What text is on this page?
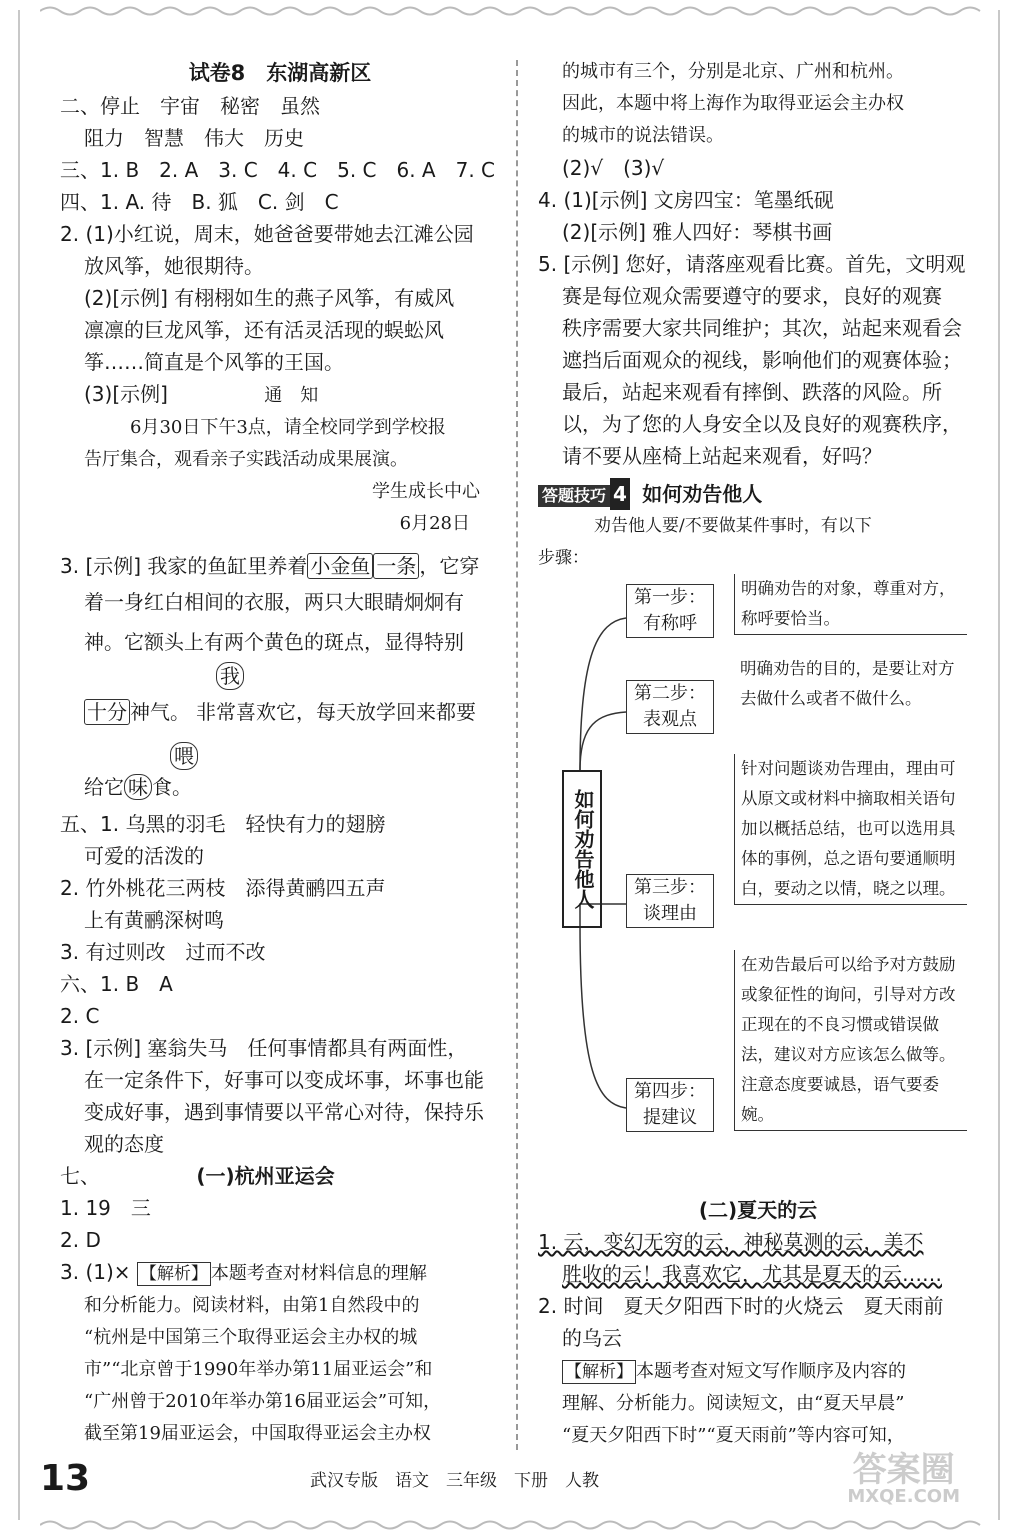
试卷8　东湖高新区
二、停止　宇宙　秘密　虽然
阻力　智慧　伟大　历史
三、1. B　2. A　3. C　4. C　5. C　6. A　7. C
四、1. A. 待　B. 狐　C. 剑　C
2. (1)小红说，周末，她爸爸要带她去江滩公园
放风筝，她很期待。
(2)[示例] 有栩栩如生的燕子风筝，有威风
凛凛的巨龙风筝，还有活灵活现的蜈蚣风
筝……简直是个风筝的王国。
(3)[示例]	通　知
6月30日下午3点，请全校同学到学校报
告厅集合，观看亲子实践活动成果展演。
学生成长中心
6月28日
3. [示例] 我家的鱼缸里养着 小金鱼 一条 ，它穿
着一身红白相间的衣服，两只大眼睛炯炯有
神。它额头上有两个黄色的斑点，显得特别
我
十分 神气。 非常喜欢它，每天放学回来都要
喂
给它 味 食。
五、1. 乌黑的羽毛　轻快有力的翅膀
可爱的活泼的
2. 竹外桃花三两枝　添得黄鹂四五声
上有黄鹂深树鸣
3. 有过则改　过而不改
六、1. B　A
2. C
3. [示例] 塞翁失马　任何事情都具有两面性，
在一定条件下，好事可以变成坏事，坏事也能
变成好事，遇到事情要以平常心对待，保持乐
观的态度
七、	(一)杭州亚运会
1. 19　三
2. D
3. (1)× 【解析】 本题考查对材料信息的理解
和分析能力。阅读材料，由第1自然段中的
“杭州是中国第三个取得亚运会主办权的城
市”“北京曾于1990年举办第11届亚运会”和
“广州曾于2010年举办第16届亚运会”可知，
截至第19届亚运会，中国取得亚运会主办权
的城市有三个，分别是北京、广州和杭州。
因此，本题中将上海作为取得亚运会主办权
的城市的说法错误。
(2)√　(3)√
4. (1)[示例] 文房四宝：笔墨纸砚
(2)[示例] 雅人四好：琴棋书画
5. [示例] 您好，请落座观看比赛。首先，文明观
赛是每位观众需要遵守的要求，良好的观赛
秩序需要大家共同维护；其次，站起来观看会
遮挡后面观众的视线，影响他们的观赛体验；
最后，站起来观看有摔倒、跌落的风险。所
以，为了您的人身安全以及良好的观赛秩序，
请不要从座椅上站起来观看，好吗？
答题技巧 4 如何劝告他人
劝告他人要/不要做某件事时，有以下
步骤：
如何劝告他人
第一步：有称呼
明确劝告的对象，尊重对方，称呼要恰当。
第二步：表观点
明确劝告的目的，是要让对方去做什么或者不做什么。
第三步：谈理由
针对问题谈劝告理由，理由可从原文或材料中摘取相关语句加以概括总结，也可以选用具体的事例，总之语句要通顺明白，要动之以情，晓之以理。
第四步：提建议
在劝告最后可以给予对方鼓励或象征性的询问，引导对方改正现在的不良习惯或错误做法，建议对方应该怎么做等。注意态度要诚恳，语气要委婉。
(二)夏天的云
1. 云，变幻无穷的云，神秘莫测的云，美不
胜收的云！我喜欢它，尤其是夏天的云……
2. 时间　夏天夕阳西下时的火烧云　夏天雨前
的乌云
【解析】 本题考查对短文写作顺序及内容的
理解、分析能力。阅读短文，由“夏天早晨”
“夏天夕阳西下时”“夏天雨前”等内容可知，
13	武汉专版　语文　三年级　下册　人教	答案圈
MXQE.COM
